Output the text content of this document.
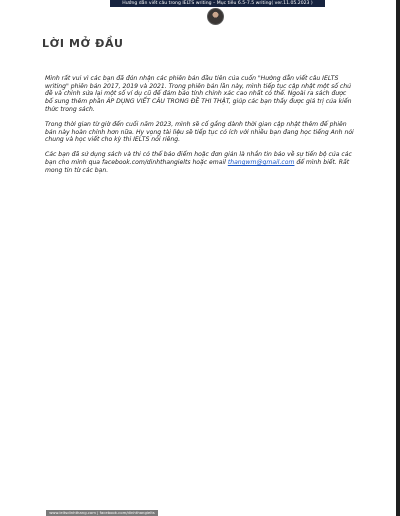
Hướng dẫn viết câu trong IELTS writing – Mục tiêu 6.5-7.5 writing( ver.11.05.2023 )
LỜI MỞ ĐẦU

Mình rất vui vì các bạn đã đón nhận các phiên bản đầu tiên của cuốn "Hướng dẫn viết câu IELTS writing" phiên bản 2017, 2019 và 2021. Trong phiên bản lần này, mình tiếp tục cập nhật một số chủ đề và chỉnh sửa lại một số ví dụ cũ để đảm bảo tính chỉnh xác cao nhất có thể. Ngoài ra sách được bổ sung thêm phần ÁP DỤNG VIẾT CÂU TRONG ĐỀ THI THẬT, giúp các bạn thấy được giá trị của kiến thức trong sách.

Trong thời gian từ giờ đến cuối năm 2023, mình sẽ cố gắng dành thời gian cập nhật thêm để phiên bản này hoàn chỉnh hơn nữa. Hy vọng tài liệu sẽ tiếp tục có ích với nhiều bạn đang học tiếng Anh nói chung và học viết cho kỳ thi IELTS nói riêng.

Các bạn đã sử dụng sách và thi có thể báo điểm hoặc đơn giản là nhắn tin báo về sự tiến bộ của các bạn cho mình qua facebook.com/dinhthangielts hoặc email thangwm@gmail.com để mình biết. Rất mong tin từ các bạn.

www.ieltsdinhthang.com | facebook.com/dinhthangielts
